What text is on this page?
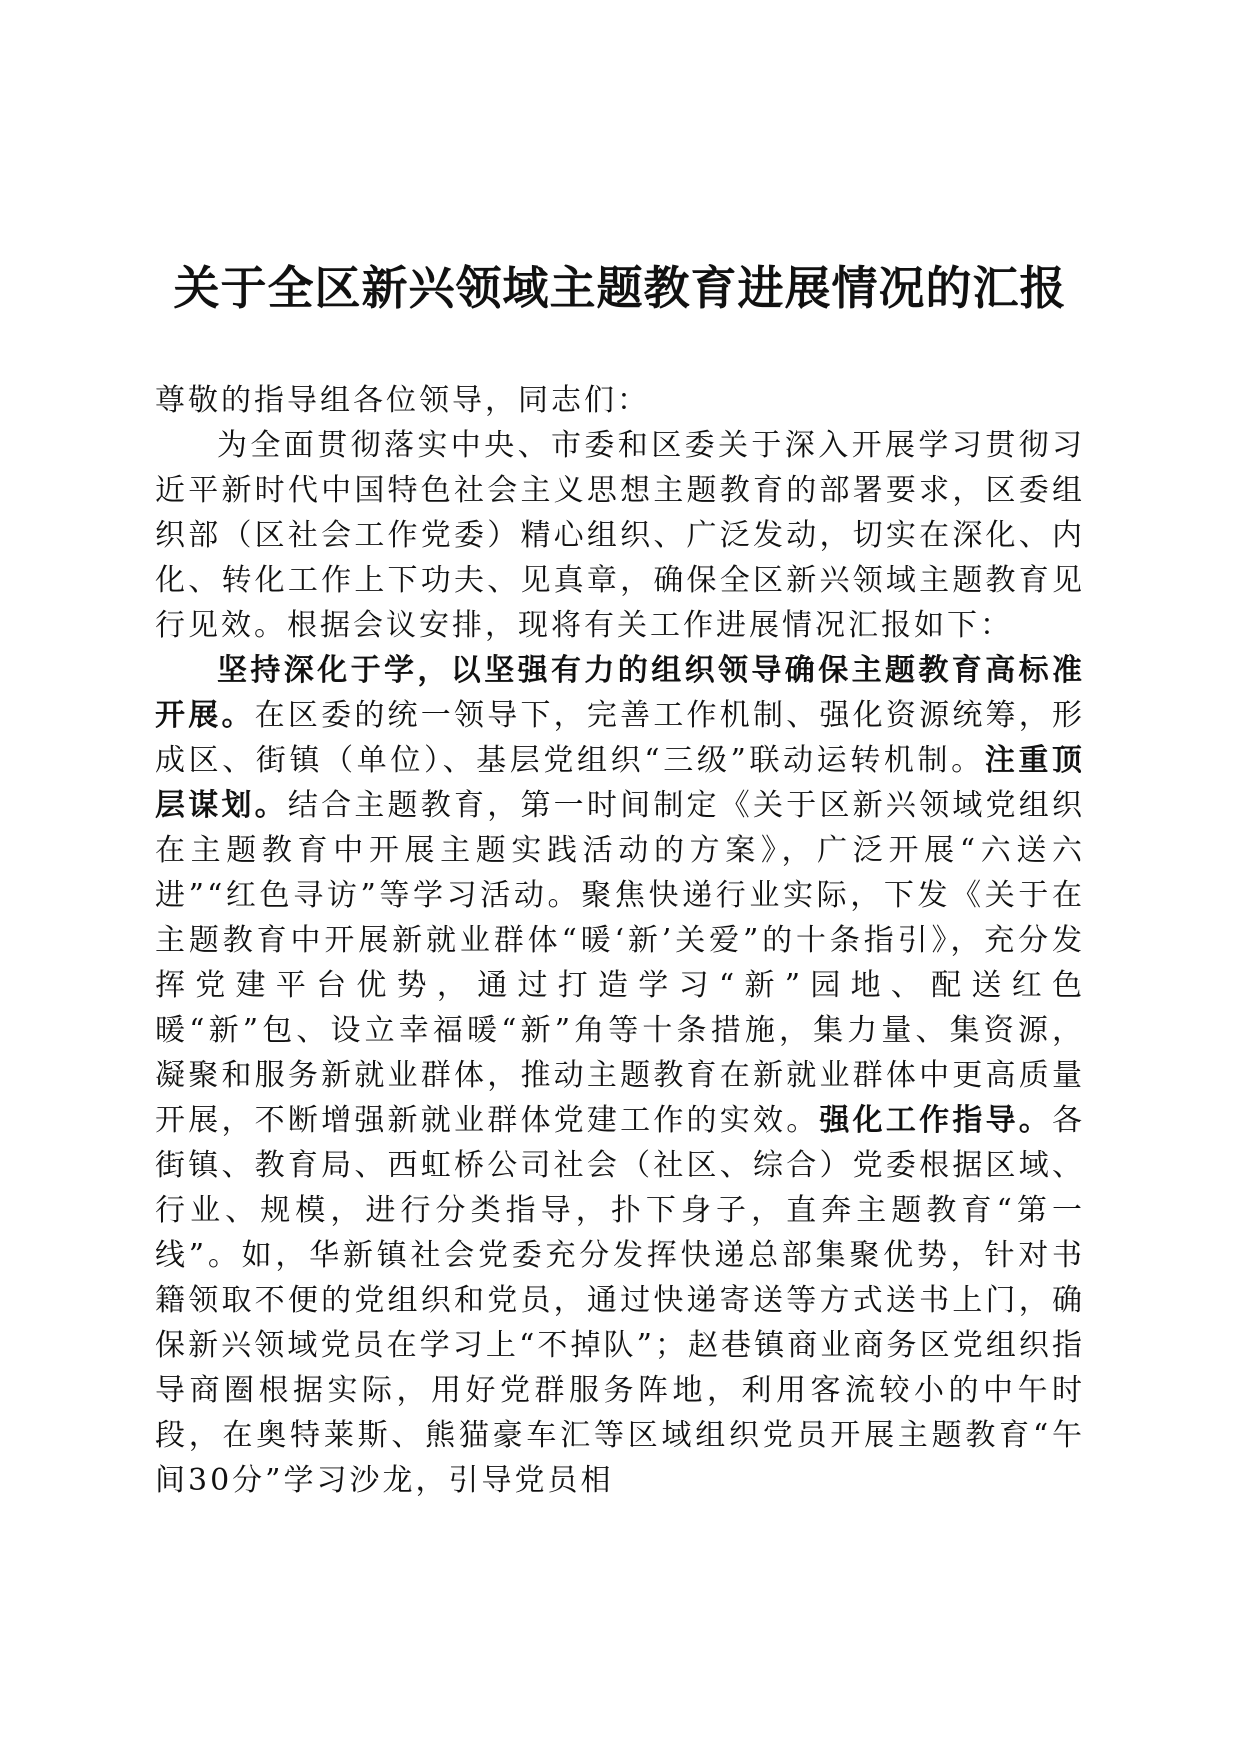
关于全区新兴领域主题教育进展情况的汇报

尊敬的指导组各位领导，同志们：

为全面贯彻落实中央、市委和区委关于深入开展学习贯彻习近平新时代中国特色社会主义思想主题教育的部署要求，区委组织部（区社会工作党委）精心组织、广泛发动，切实在深化、内化、转化工作上下功夫、见真章，确保全区新兴领域主题教育见行见效。根据会议安排，现将有关工作进展情况汇报如下：

坚持深化于学，以坚强有力的组织领导确保主题教育高标准开展。在区委的统一领导下，完善工作机制、强化资源统筹，形成区、街镇（单位）、基层党组织“三级”联动运转机制。注重顶层谋划。结合主题教育，第一时间制定《关于区新兴领域党组织在主题教育中开展主题实践活动的方案》，广泛开展“六送六进”“红色寻访”等学习活动。聚焦快递行业实际，下发《关于在主题教育中开展新就业群体“暖‘新’关爱”的十条指引》，充分发挥党建平台优势，通过打造学习“新”园地、配送红色暖“新”包、设立幸福暖“新”角等十条措施，集力量、集资源，凝聚和服务新就业群体，推动主题教育在新就业群体中更高质量开展，不断增强新就业群体党建工作的实效。强化工作指导。各街镇、教育局、西虹桥公司社会（社区、综合）党委根据区域、行业、规模，进行分类指导，扑下身子，直奔主题教育“第一线”。如，华新镇社会党委充分发挥快递总部集聚优势，针对书籍领取不便的党组织和党员，通过快递寄送等方式送书上门，确保新兴领域党员在学习上“不掉队”；赵巷镇商业商务区党组织指导商圈根据实际，用好党群服务阵地，利用客流较小的中午时段，在奥特莱斯、熊猫豪车汇等区域组织党员开展主题教育“午间30分”学习沙龙，引导党员相
